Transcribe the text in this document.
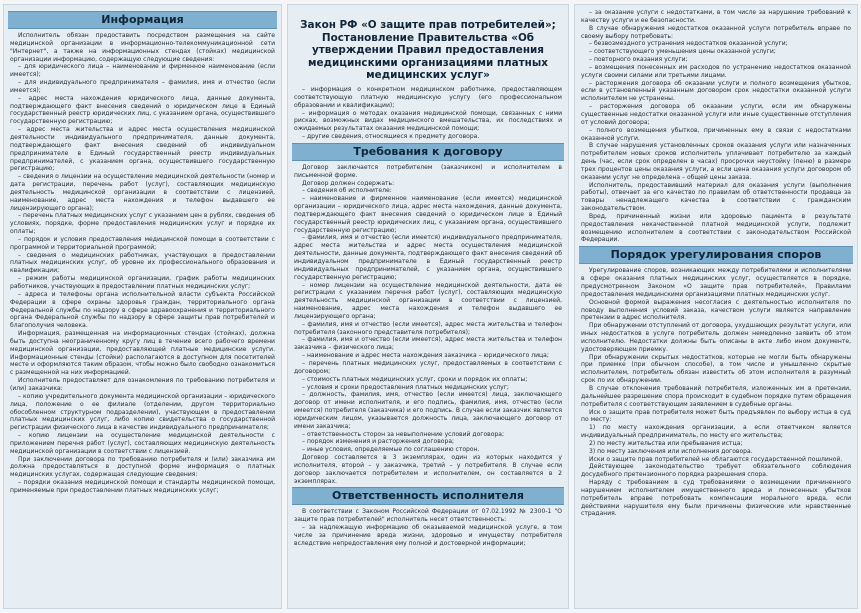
Информация

Исполнитель обязан предоставить посредством размещения на сайте медицинской организации в информационно-телекоммуникационной сети "Интернет", а также на информационных стендах (стойках) медицинской организации информацию, содержащую следующие сведения:

– для юридического лица – наименование и фирменное наименование (если имеется);

– для индивидуального предпринимателя – фамилия, имя и отчество (если имеется);

– адрес места нахождения юридического лица, данные документа, подтверждающего факт внесения сведений о юридическом лице в Единый государственный реестр юридических лиц, с указанием органа, осуществившего государственную регистрацию;

– адрес места жительства и адрес места осуществления медицинской деятельности индивидуального предпринимателя, данные документа, подтверждающего факт внесения сведений об индивидуальном предпринимателе в Единый государственный реестр индивидуальных предпринимателей, с указанием органа, осуществившего государственную регистрацию;

– сведения о лицензии на осуществление медицинской деятельности (номер и дата регистрации, перечень работ (услуг), составляющих медицинскую деятельность медицинской организации в соответствии с лицензией, наименование, адрес места нахождения и телефон выдавшего ее лицензирующего органа);

– перечень платных медицинских услуг с указанием цен в рублях, сведения об условиях, порядке, форме предоставления медицинских услуг и порядке их оплаты;

– порядок и условия предоставления медицинской помощи в соответствии с программой и территориальной программой;

– сведения о медицинских работниках, участвующих в предоставлении платных медицинских услуг, об уровне их профессионального образования и квалификации;

– режим работы медицинской организации, график работы медицинских работников, участвующих в предоставлении платных медицинских услуг;

– адреса и телефоны органа исполнительной власти субъекта Российской Федерации в сфере охраны здоровья граждан, территориального органа Федеральной службы по надзору в сфере здравоохранения и территориального органа Федеральной службы по надзору в сфере защиты прав потребителей и благополучия человека.

Информация, размещенная на информационных стендах (стойках), должна быть доступна неограниченному кругу лиц в течение всего рабочего времени медицинской организации, предоставляющей платные медицинские услуги. Информационные стенды (стойки) располагаются в доступном для посетителей месте и оформляются таким образом, чтобы можно было свободно ознакомиться с размещенной на них информацией.

Исполнитель предоставляет для ознакомления по требованию потребителя и (или) заказчика:

– копию учредительного документа медицинской организации – юридического лица, положение о ее филиале (отделении, другом территориально обособленном структурном подразделении), участвующем в предоставлении платных медицинских услуг, либо копию свидетельства о государственной регистрации физического лица в качестве индивидуального предпринимателя;

– копию лицензии на осуществление медицинской деятельности с приложением перечня работ (услуг), составляющих медицинскую деятельность медицинской организации в соответствии с лицензией.

При заключении договора по требованию потребителя и (или) заказчика им должна предоставляться в доступной форме информация о платных медицинских услугах, содержащая следующие сведения:

– порядки оказания медицинской помощи и стандарты медицинской помощи, применяемые при предоставлении платных медицинских услуг;

Закон РФ «О защите прав потребителей»; Постановление Правительства «Об утверждении Правил предоставления медицинскими организациями платных медицинских услуг»

– информация о конкретном медицинском работнике, предоставляющем соответствующую платную медицинскую услугу (его профессиональном образовании и квалификации);

– информация о методах оказания медицинской помощи, связанных с ними рисках, возможных видах медицинского вмешательства, их последствиях и ожидаемых результатах оказания медицинской помощи;

– другие сведения, относящиеся к предмету договора.

Требования к договору

Договор заключается потребителем (заказчиком) и исполнителем в письменной форме.

Договор должен содержать:

– сведения об исполнителе:

– наименование и фирменное наименование (если имеется) медицинской организации – юридического лица, адрес места нахождения, данные документа, подтверждающего факт внесения сведений о юридическом лице в Единый государственный реестр юридических лиц, с указанием органа, осуществившего государственную регистрацию;

– фамилия, имя и отчество (если имеется) индивидуального предпринимателя, адрес места жительства и адрес места осуществления медицинской деятельности, данные документа, подтверждающего факт внесения сведений об индивидуальном предпринимателе в Единый государственный реестр индивидуальных предпринимателей, с указанием органа, осуществившего государственную регистрацию;

– номер лицензии на осуществление медицинской деятельности, дата ее регистрации с указанием перечня работ (услуг), составляющих медицинскую деятельность медицинской организации в соответствии с лицензией, наименование, адрес места нахождения и телефон выдавшего ее лицензирующего органа;

– фамилия, имя и отчество (если имеется), адрес места жительства и телефон потребителя (законного представителя потребителя);

– фамилия, имя и отчество (если имеется), адрес места жительства и телефон заказчика – физического лица;

– наименование и адрес места нахождения заказчика – юридического лица;

– перечень платных медицинских услуг, предоставляемых в соответствии с договором;

– стоимость платных медицинских услуг, сроки и порядок их оплаты;

– условия и сроки предоставления платных медицинских услуг;

– должность, фамилия, имя, отчество (если имеется) лица, заключающего договор от имени исполнителя, и его подпись, фамилия, имя, отчество (если имеется) потребителя (заказчика) и его подпись. В случае если заказчик является юридическим лицом, указывается должность лица, заключающего договор от имени заказчика;

– ответственность сторон за невыполнение условий договора;

– порядок изменения и расторжения договора;

– иные условия, определяемые по соглашению сторон.

Договор составляется в 3 экземплярах, один из которых находится у исполнителя, второй – у заказчика, третий – у потребителя. В случае если договор заключается потребителем и исполнителем, он составляется в 2 экземплярах.

Ответственность исполнителя

В соответствии с Законом Российской Федерации от 07.02.1992 № 2300-1 "О защите прав потребителей" исполнитель несет ответственность:

– за надлежащую информацию об оказываемой медицинской услуге, в том числе за причинение вреда жизни, здоровью и имуществу потребителя вследствие непредоставления ему полной и достоверной информации;

– за оказание услуги с недостатками, в том числе за нарушение требований к качеству услуги и ее безопасности.

В случае обнаружения недостатков оказанной услуги потребитель вправе по своему выбору потребовать:

– безвозмездного устранения недостатков оказанной услуги;

– соответствующего уменьшения цены оказанной услуги;

– повторного оказания услуги;

– возмещения понесенных им расходов по устранению недостатков оказанной услуги своими силами или третьими лицами.

– расторжения договора об оказании услуги и полного возмещения убытков, если в установленный указанным договором срок недостатки оказанной услуги исполнителем не устранены.

– расторжения договора об оказании услуги, если им обнаружены существенные недостатки оказанной услуги или иные существенные отступления от условий договора;

– полного возмещения убытков, причиненных ему в связи с недостатками оказанной услуги.

В случае нарушения установленных сроков оказания услуги или назначенных потребителем новых сроков исполнитель уплачивает потребителю за каждый день (час, если срок определен в часах) просрочки неустойку (пеню) в размере трех процентов цены оказания услуги, а если цена оказания услуги договором об оказании услуг не определена – общей цены заказа.

Исполнитель, предоставивший материал для оказания услуги (выполнения работы), отвечает за его качество по правилам об ответственности продавца за товары ненадлежащего качества в соответствии с гражданским законодательством.

Вред, причиненный жизни или здоровью пациента в результате предоставления некачественной платной медицинской услуги, подлежит возмещению исполнителем в соответствии с законодательством Российской Федерации.

Порядок урегулирования споров

Урегулирование споров, возникающих между потребителями и исполнителями в сфере оказания платных медицинских услуг, осуществляется в порядке, предусмотренном Законом «О защите прав потребителей», Правилами предоставления медицинскими организациями платных медицинских услуг.

Основной формой выражения несогласия с деятельностью исполнителя по поводу выполнения условий заказа, качеством услуги является направление претензии в адрес исполнителя.

При обнаружении отступлений от договора, ухудшающих результат услуги, или иных недостатков в услуге потребитель должен немедленно заявить об этом исполнителю. Недостатки должны быть описаны в акте либо ином документе, удостоверяющем приемку.

При обнаружении скрытых недостатков, которые не могли быть обнаружены при приемке (при обычном способе), в том числе и умышленно скрытые исполнителем, потребитель обязан известить об этом исполнителя в разумный срок по их обнаружении.

В случае отклонения требований потребителя, изложенных им в претензии, дальнейшее разрешение спора происходит в судебном порядке путем обращения потребителя с соответствующим заявлением в судебные органы.

Иск о защите прав потребителя может быть предъявлен по выбору истца в суд по месту:

1) по месту нахождения организации, а если ответчиком является индивидуальный предприниматель, по месту его жительства;

2) по месту жительства или пребывания истца;

3) по месту заключения или исполнения договора.

Иски о защите прав потребителей не облагаются государственной пошлиной.

Действующее законодательство требует обязательного соблюдения досудебного претензионного порядка разрешения спора.

Наряду с требованием в суд требованиями о возмещении причиненного нарушением исполнителем имущественного вреда и понесенных убытков потребитель вправе потребовать компенсации морального вреда, если действиями нарушителя ему были причинены физические или нравственные страдания.
